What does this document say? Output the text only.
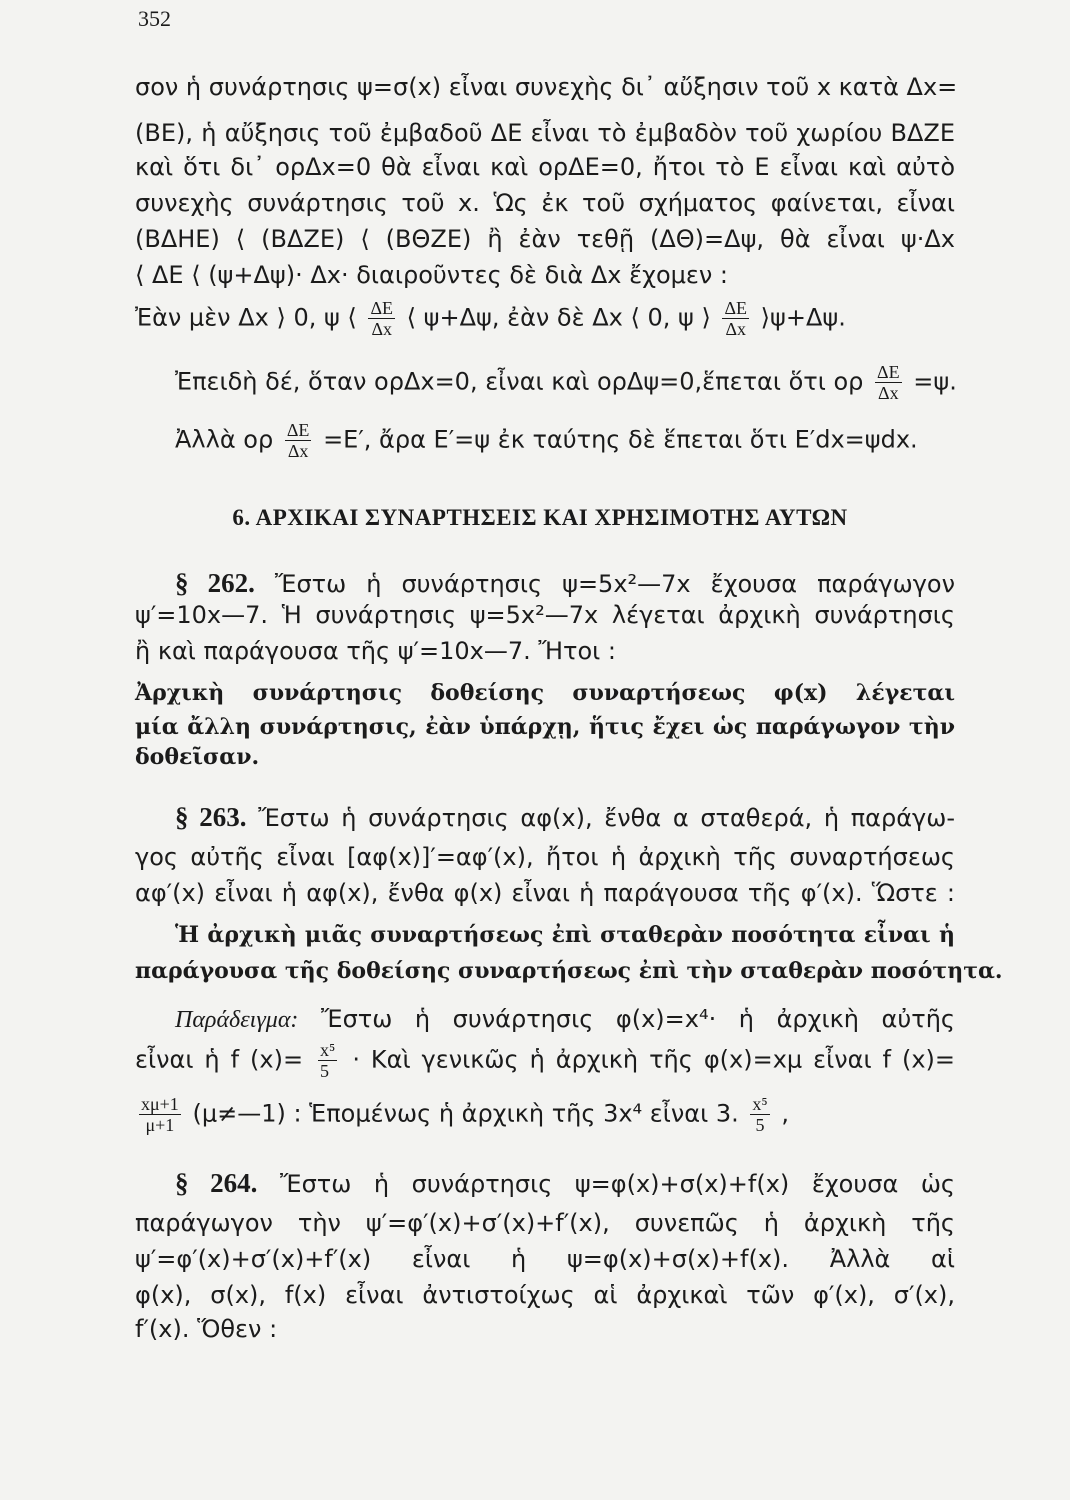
352
σον ἡ συνάρτησις ψ=σ(x) εἶναι συνεχὴς δι᾽ αὔξησιν τοῦ x κατὰ Δx=
(ΒΕ), ἡ αὔξησις τοῦ ἐμβαδοῦ ΔΕ εἶναι τὸ ἐμβαδὸν τοῦ χωρίου ΒΔΖΕ
καὶ ὅτι δι᾽ ορΔx=0 θὰ εἶναι καὶ ορΔΕ=0, ἤτοι τὸ Ε εἶναι καὶ αὐτὸ
συνεχὴς συνάρτησις τοῦ x. Ὡς ἐκ τοῦ σχήματος φαίνεται, εἶναι
(ΒΔΗΕ) ⟨ (ΒΔΖΕ) ⟨ (ΒΘΖΕ) ἢ ἐὰν τεθῇ (ΔΘ)=Δψ, θὰ εἶναι ψ·Δx
⟨ ΔΕ ⟨ (ψ+Δψ)· Δx· διαιροῦντες δὲ διὰ Δx ἔχομεν :
Ἐὰν μὲν Δx ⟩ 0, ψ ⟨ $\frac{\Delta E}{\Delta x}$ ⟨ ψ+Δψ, ἐὰν δὲ Δx ⟨ 0, ψ ⟩ $\frac{\Delta E}{\Delta x}$ ⟩ψ+Δψ.
Ἐπειδὴ δέ, ὅταν ορΔx=0, εἶναι καὶ ορΔψ=0,ἕπεται ὅτι ορ $\frac{\Delta E}{\Delta x} =\psi$.
Ἀλλὰ ορ $\frac{\Delta E}{\Delta x} =E'$, ἄρα Ε′=ψ ἐκ ταύτης δὲ ἕπεται ὅτι Ε′dx=ψdx.
6. ΑΡΧΙΚΑΙ ΣΥΝΑΡΤΗΣΕΙΣ ΚΑΙ ΧΡΗΣΙΜΟΤΗΣ ΑΥΤΩΝ
§ 262. Ἔστω ἡ συνάρτησις ψ=5x²—7x ἔχουσα παράγωγον
ψ′=10x—7. Ἡ συνάρτησις ψ=5x²—7x λέγεται ἀρχικὴ συνάρτησις
ἢ καὶ παράγουσα τῆς ψ′=10x—7. Ἤτοι :
Ἀρχικὴ συνάρτησις δοθείσης συναρτήσεως φ(x) λέγεται
μία ἄλλη συνάρτησις, ἐὰν ὑπάρχῃ, ἥτις ἔχει ὡς παράγωγον τὴν
δοθεῖσαν.
§ 263. Ἔστω ἡ συνάρτησις αφ(x), ἔνθα α σταθερά, ἡ παράγω-
γος αὐτῆς εἶναι [αφ(x)]′=αφ′(x), ἤτοι ἡ ἀρχικὴ τῆς συναρτήσεως
αφ′(x) εἶναι ἡ αφ(x), ἔνθα φ(x) εἶναι ἡ παράγουσα τῆς φ′(x). Ὥστε :
Ἡ ἀρχικὴ μιᾶς συναρτήσεως ἐπὶ σταθερὰν ποσότητα εἶναι ἡ
παράγουσα τῆς δοθείσης συναρτήσεως ἐπὶ τὴν σταθερὰν ποσότητα.
Παράδειγμα: Ἔστω ἡ συνάρτησις φ(x)=x⁴· ἡ ἀρχικὴ αὐτῆς
εἶναι ἡ f $(x)= \frac{\text{x⁵}}{5}$ · Καὶ γενικῶς ἡ ἀρχικὴ τῆς φ(x)=xμ εἶναι f (x)=
$\frac{x\mu+1}{\mu+1}$ (μ≠—1) : Ἑπομένως ἡ ἀρχικὴ τῆς 3x⁴ εἶναι 3. $\frac{\text{x⁵}}{5}$ ,
§ 264. Ἔστω ἡ συνάρτησις ψ=φ(x)+σ(x)+f(x) ἔχουσα ὡς
παράγωγον τὴν ψ′=φ′(x)+σ′(x)+f′(x), συνεπῶς ἡ ἀρχικὴ τῆς
ψ′=φ′(x)+σ′(x)+f′(x) εἶναι ἡ ψ=φ(x)+σ(x)+f(x). Ἀλλὰ αἱ
φ(x), σ(x), f(x) εἶναι ἀντιστοίχως αἱ ἀρχικαὶ τῶν φ′(x), σ′(x),
f′(x). Ὅθεν :
